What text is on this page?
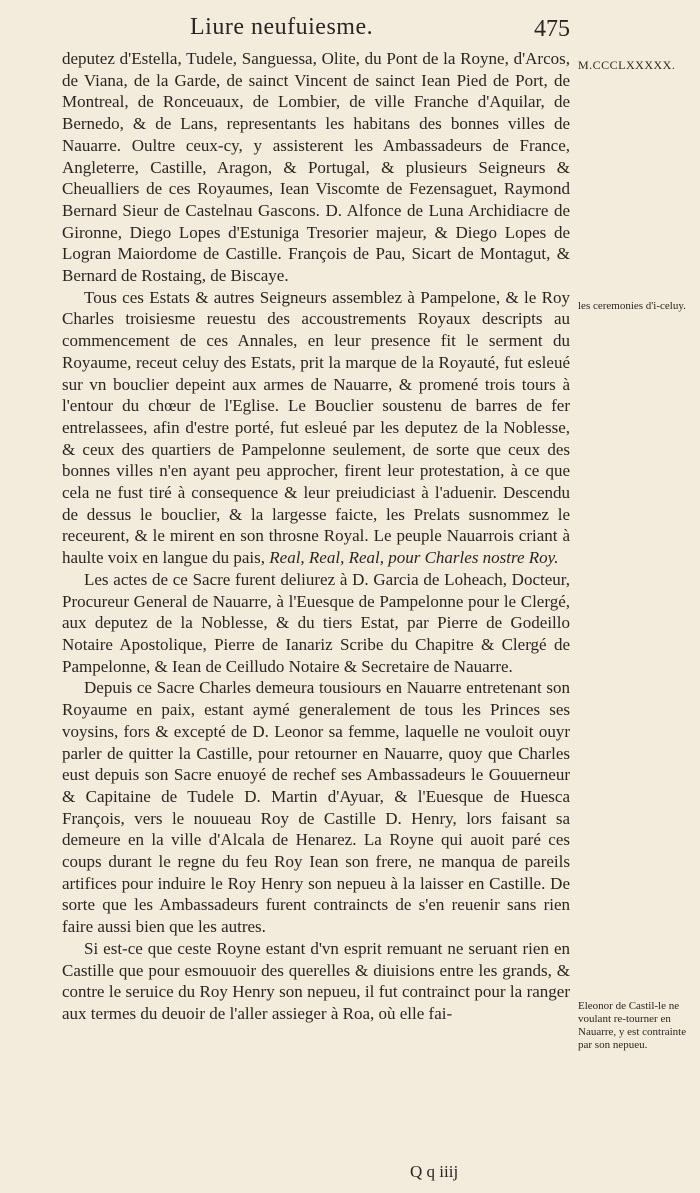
Liure neufuiesme.	475
M.CCCLXXXXX.

deputez d'Estella, Tudele, Sanguessa, Olite, du Pont de la Royne, d'Arcos, de Viana, de la Garde, de sainct Vincent de sainct Iean Pied de Port, de Montreal, de Ronceuaux, de Lombier, de ville Franche d'Aquilar, de Bernedo, & de Lans, representants les habitans des bonnes villes de Nauarre. Oultre ceux-cy, y assisterent les Ambassadeurs de France, Angleterre, Castille, Aragon, & Portugal, & plusieurs Seigneurs & Cheualliers de ces Royaumes, Iean Viscomte de Fezensaguet, Raymond Bernard Sieur de Castelnau Gascons. D. Alfonce de Luna Archidiacre de Gironne, Diego Lopes d'Estuniga Tresorier majeur, & Diego Lopes de Logran Maiordome de Castille. François de Pau, Sicart de Montagut, & Bernard de Rostaing, de Biscaye.

Tous ces Estats & autres Seigneurs assemblez à Pampelone, & le Roy Charles troisiesme reuestu des accoustrements Royaux descripts au commencement de ces Annales, en leur presence fit le serment du Royaume, receut celuy des Estats, prit la marque de la Royauté, fut esleué sur vn bouclier depeint aux armes de Nauarre, & promené trois tours à l'entour du chœur de l'Eglise. Le Bouclier soustenu de barres de fer entrelassees, afin d'estre porté, fut esleué par les deputez de la Noblesse, & ceux des quartiers de Pampelonne seulement, de sorte que ceux des bonnes villes n'en ayant peu approcher, firent leur protestation, à ce que cela ne fust tiré à consequence & leur preiudiciast à l'aduenir. Descendu de dessus le bouclier, & la largesse faicte, les Prelats susnommez le receurent, & le mirent en son throsne Royal. Le peuple Nauarrois criant à haulte voix en langue du pais, Real, Real, Real, pour Charles nostre Roy.

Les actes de ce Sacre furent deliurez à D. Garcia de Loheach, Docteur, Procureur General de Nauarre, à l'Euesque de Pampelonne pour le Clergé, aux deputez de la Noblesse, & du tiers Estat, par Pierre de Godeillo Notaire Apostolique, Pierre de Ianariz Scribe du Chapitre & Clergé de Pampelonne, & Iean de Ceilludo Notaire & Secretaire de Nauarre.

Depuis ce Sacre Charles demeura tousiours en Nauarre entretenant son Royaume en paix, estant aymé generalement de tous les Princes ses voysins, fors & excepté de D. Leonor sa femme, laquelle ne vouloit ouyr parler de quitter la Castille, pour retourner en Nauarre, quoy que Charles eust depuis son Sacre enuoyé de rechef ses Ambassadeurs le Gouuerneur & Capitaine de Tudele D. Martin d'Ayuar, & l'Euesque de Huesca François, vers le nouueau Roy de Castille D. Henry, lors faisant sa demeure en la ville d'Alcala de Henarez. La Royne qui auoit paré ces coups durant le regne du feu Roy Iean son frere, ne manqua de pareils artifices pour induire le Roy Henry son nepueu à la laisser en Castille. De sorte que les Ambassadeurs furent contraincts de s'en reuenir sans rien faire aussi bien que les autres.

Si est-ce que ceste Royne estant d'vn esprit remuant ne seruant rien en Castille que pour esmouuoir des querelles & diuisions entre les grands, & contre le seruice du Roy Henry son nepueu, il fut contrainct pour la ranger aux termes du deuoir de l'aller assieger à Roa, où elle fai-

les ceremonies d'i-celuy.
Eleonor de Castil-le ne voulant re-tourner en Nauarre, y est contrainte par son nepueu.
Q q iiij
